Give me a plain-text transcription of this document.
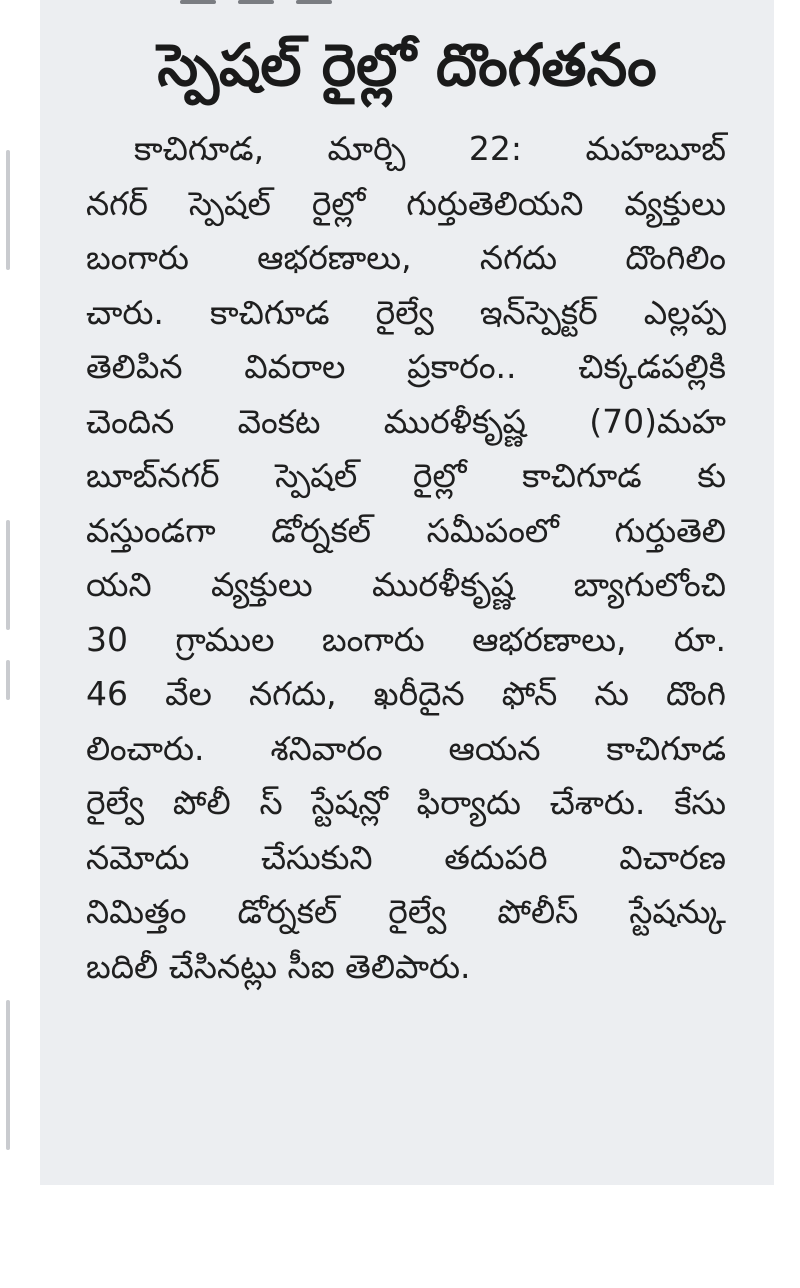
స్పెషల్ రైల్లో దొంగతనం
కాచిగూడ, మార్చి 22: మహబూబ్
నగర్ స్పెషల్ రైల్లో గుర్తుతెలియని వ్యక్తులు
బంగారు ఆభరణాలు, నగదు దొంగిలిం
చారు. కాచిగూడ రైల్వే ఇన్‌స్పెక్టర్ ఎల్లప్ప
తెలిపిన వివరాల ప్రకారం.. చిక్కడపల్లికి
చెందిన వెంకట మురళీకృష్ణ (70)మహ
బూబ్‌నగర్ స్పెషల్ రైల్లో కాచిగూడ కు
వస్తుండగా డోర్నకల్ సమీపంలో గుర్తుతెలి
యని వ్యక్తులు మురళీకృష్ణ బ్యాగులోంచి
30 గ్రాముల బంగారు ఆభరణాలు, రూ.
46 వేల నగదు, ఖరీదైన ఫోన్ ను దొంగి
లించారు. శనివారం ఆయన కాచిగూడ
రైల్వే పోలీ స్ స్టేషన్లో ఫిర్యాదు చేశారు. కేసు
నమోదు చేసుకుని తదుపరి విచారణ
నిమిత్తం డోర్నకల్ రైల్వే పోలీస్ స్టేషన్కు
బదిలీ చేసినట్లు సీఐ తెలిపారు.
